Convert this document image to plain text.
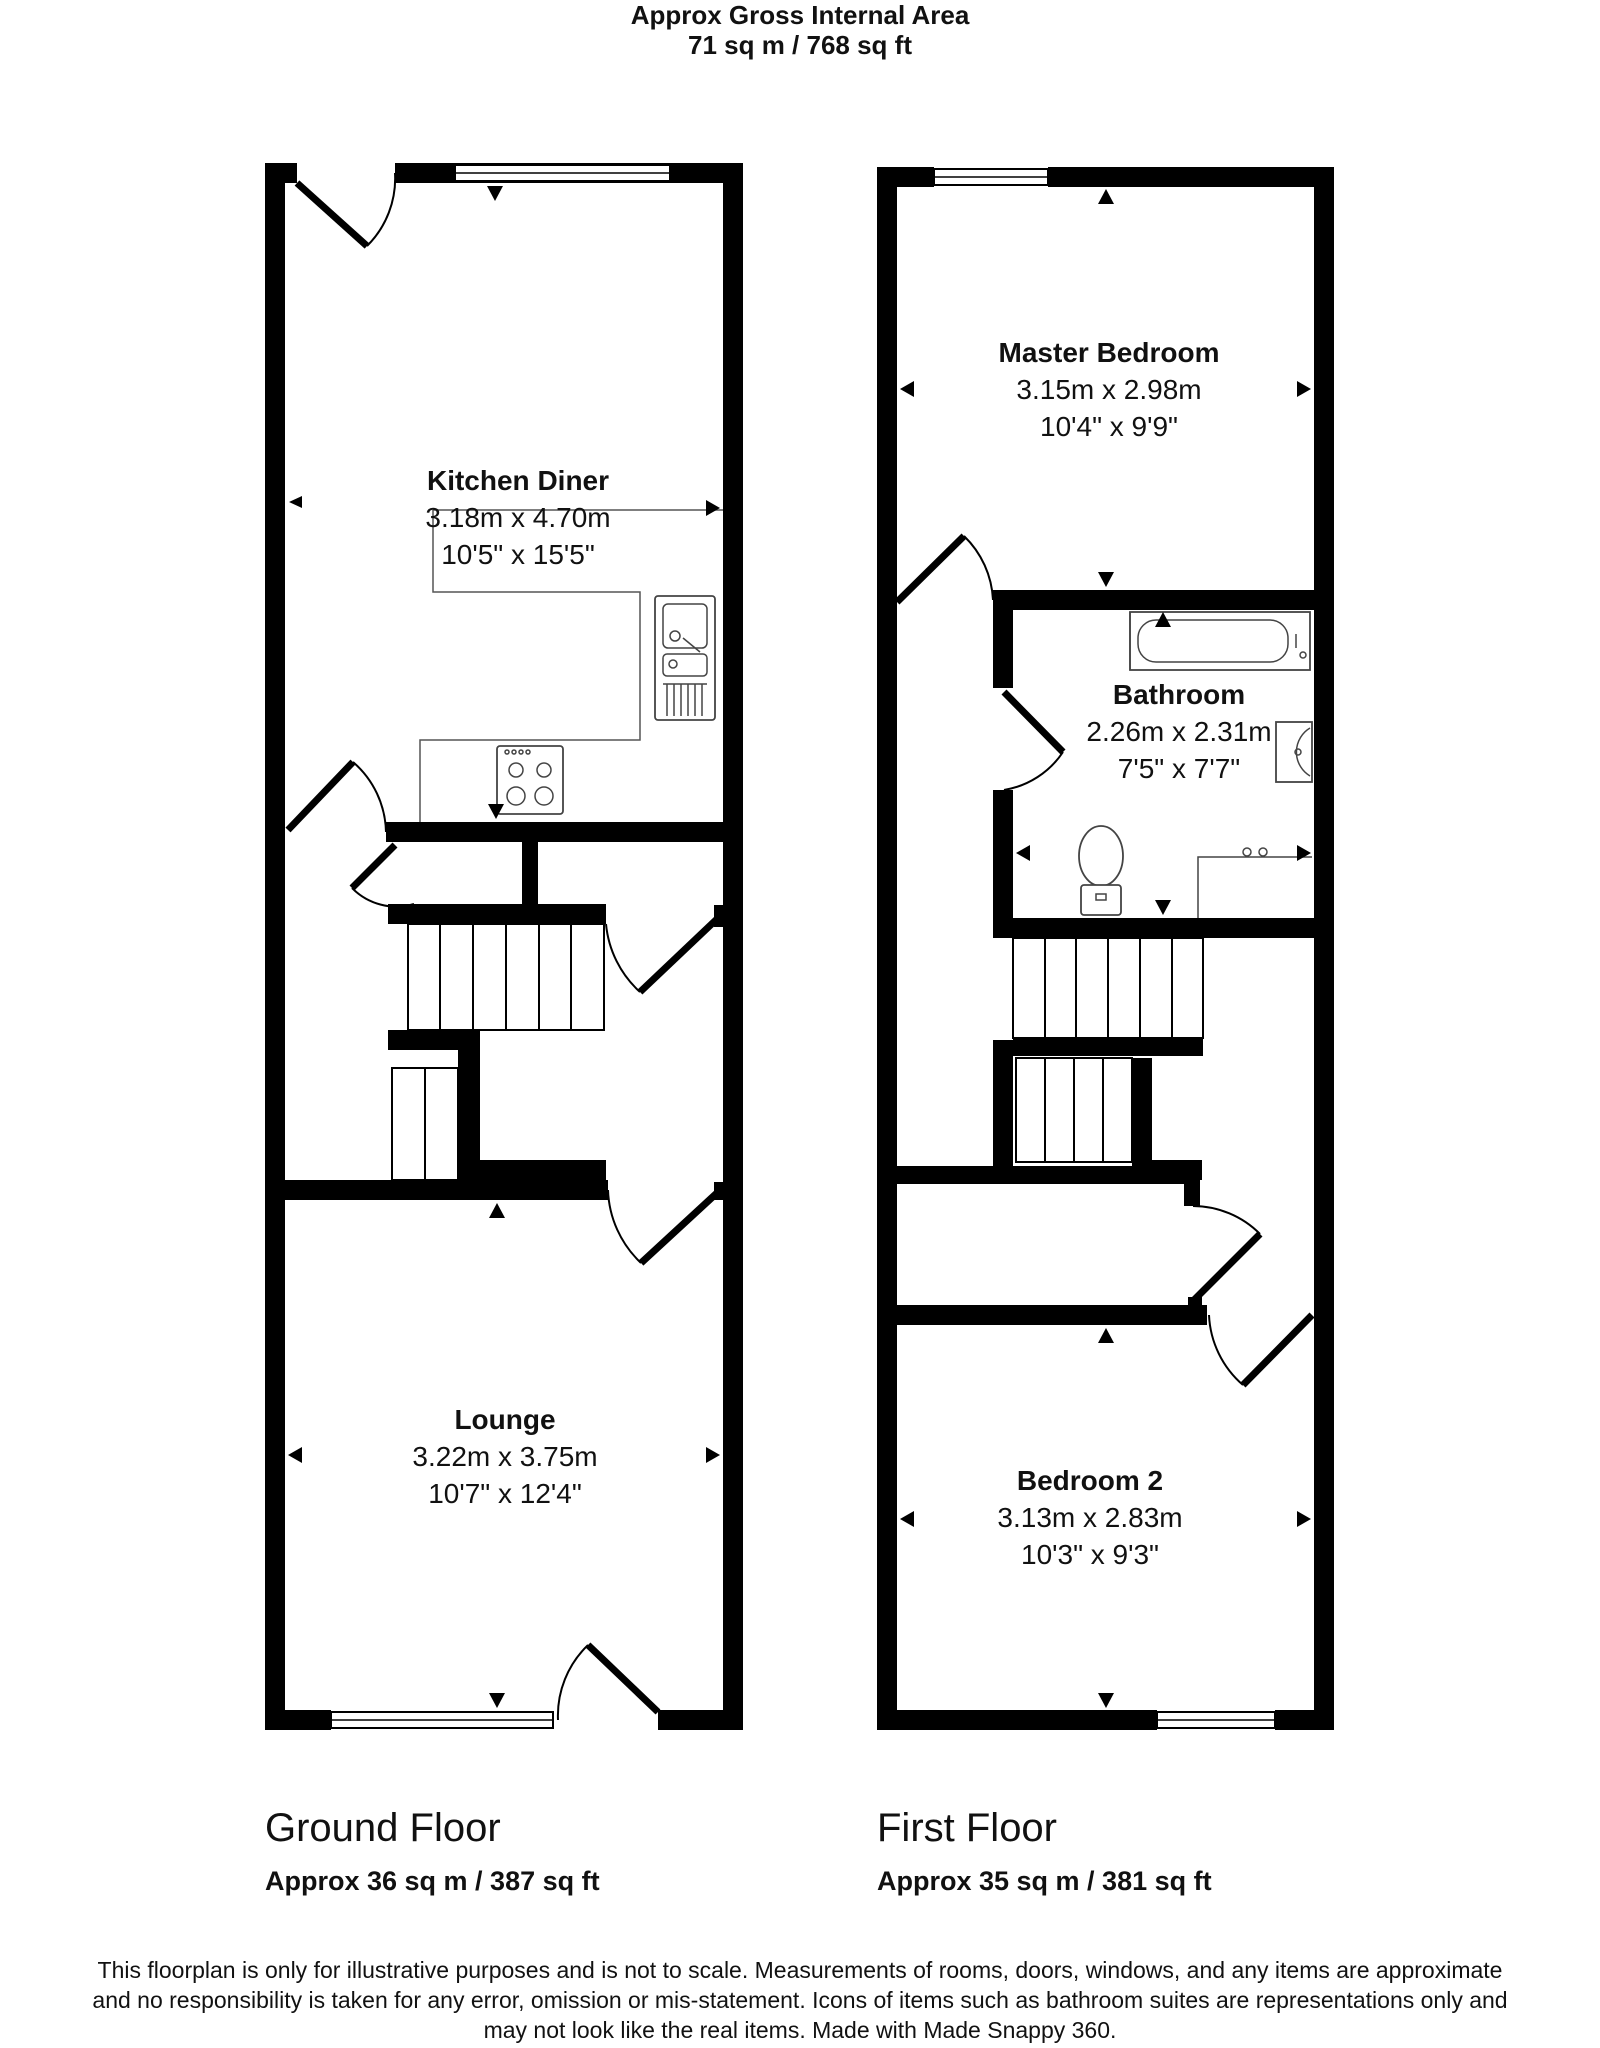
Approx Gross Internal Area
71 sq m / 768 sq ft
Kitchen Diner
3.18m x 4.70m
10'5" x 15'5"
Lounge
3.22m x 3.75m
10'7" x 12'4"
Master Bedroom
3.15m x 2.98m
10'4" x 9'9"
Bathroom
2.26m x 2.31m
7'5" x 7'7"
Bedroom 2
3.13m x 2.83m
10'3" x 9'3"
Ground Floor
Approx 36 sq m / 387 sq ft
First Floor
Approx 35 sq m / 381 sq ft
This floorplan is only for illustrative purposes and is not to scale. Measurements of rooms, doors, windows, and any items are approximate
and no responsibility is taken for any error, omission or mis-statement. Icons of items such as bathroom suites are representations only and
may not look like the real items. Made with Made Snappy 360.
